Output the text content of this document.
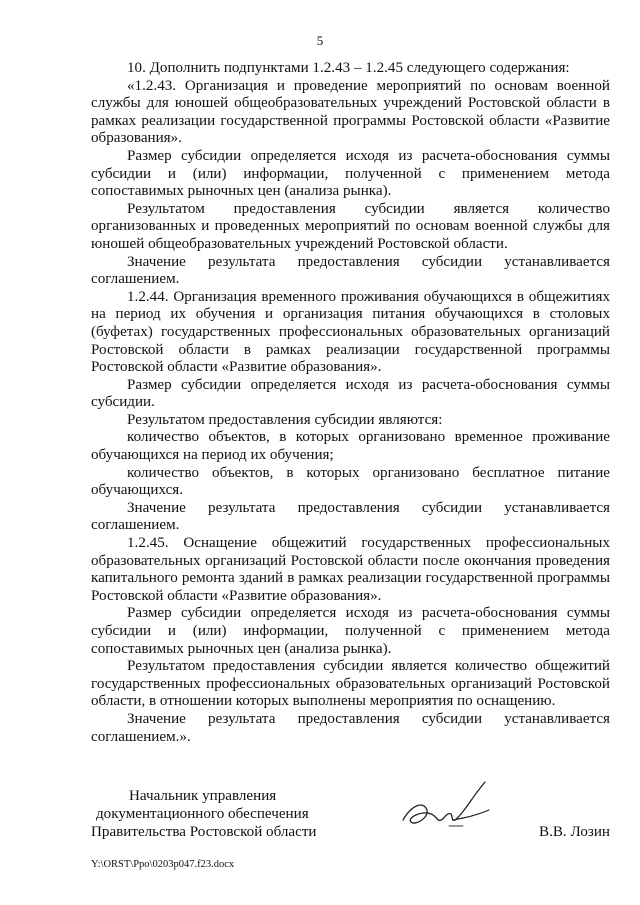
5

10. Дополнить подпунктами 1.2.43 – 1.2.45 следующего содержания:

«1.2.43. Организация и проведение мероприятий по основам военной службы для юношей общеобразовательных учреждений Ростовской области в рамках реализации государственной программы Ростовской области «Развитие образования».

Размер субсидии определяется исходя из расчета-обоснования суммы субсидии и (или) информации, полученной с применением метода сопоставимых рыночных цен (анализа рынка).

Результатом предоставления субсидии является количество организованных и проведенных мероприятий по основам военной службы для юношей общеобразовательных учреждений Ростовской области.

Значение результата предоставления субсидии устанавливается соглашением.

1.2.44. Организация временного проживания обучающихся в общежитиях на период их обучения и организация питания обучающихся в столовых (буфетах) государственных профессиональных образовательных организаций Ростовской области в рамках реализации государственной программы Ростовской области «Развитие образования».

Размер субсидии определяется исходя из расчета-обоснования суммы субсидии.

Результатом предоставления субсидии являются:

количество объектов, в которых организовано временное проживание обучающихся на период их обучения;

количество объектов, в которых организовано бесплатное питание обучающихся.

Значение результата предоставления субсидии устанавливается соглашением.

1.2.45. Оснащение общежитий государственных профессиональных образовательных организаций Ростовской области после окончания проведения капитального ремонта зданий в рамках реализации государственной программы Ростовской области «Развитие образования».

Размер субсидии определяется исходя из расчета-обоснования суммы субсидии и (или) информации, полученной с применением метода сопоставимых рыночных цен (анализа рынка).

Результатом предоставления субсидии является количество общежитий государственных профессиональных образовательных организаций Ростовской области, в отношении которых выполнены мероприятия по оснащению.

Значение результата предоставления субсидии устанавливается соглашением.».

Начальник управления
документационного обеспечения
Правительства Ростовской области	В.В. Лозин
Y:\ORST\Ppo\0203p047.f23.docx
